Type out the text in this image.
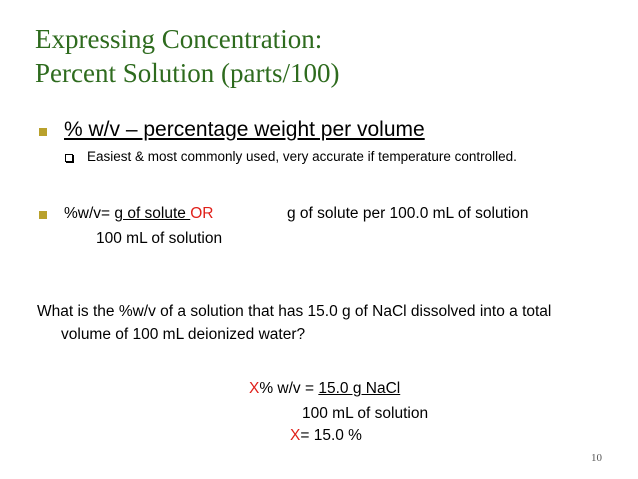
Expressing Concentration:
Percent Solution (parts/100)
% w/v – percentage weight per volume
Easiest & most commonly used, very accurate if temperature controlled.
%w/v= g of solute OR	g of solute per 100.0 mL of solution
100 mL of solution
What is the %w/v of a solution that has 15.0 g of NaCl dissolved into a total
volume of 100 mL deionized water?
X% w/v = 15.0 g NaCl
100 mL of solution
X= 15.0 %
10
